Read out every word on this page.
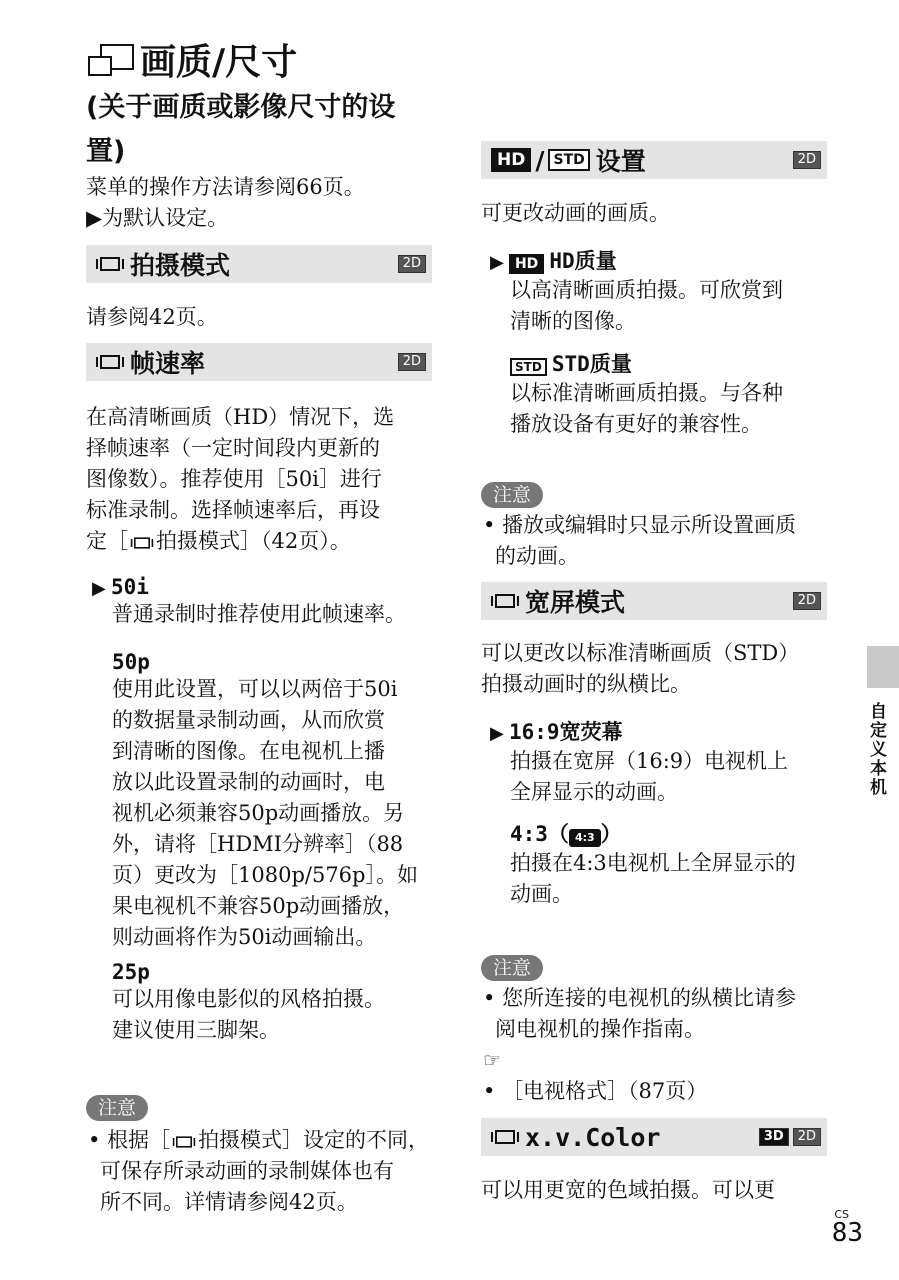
画质/尺寸
(关于画质或影像尺寸的设置)
菜单的操作方法请参阅66页。
▶为默认设定。
拍摄模式	2D
请参阅42页。
帧速率	2D
在高清晰画质（HD）情况下，选
择帧速率（一定时间段内更新的
图像数）。推荐使用［50i］进行
标准录制。选择帧速率后，再设
定［ 拍摄模式］（42页）。
▶ 50i
普通录制时推荐使用此帧速率。
50p
使用此设置，可以以两倍于50i
的数据量录制动画，从而欣赏
到清晰的图像。在电视机上播
放以此设置录制的动画时，电
视机必须兼容50p动画播放。另
外，请将［HDMI分辨率］（88
页）更改为［1080p/576p］。如
果电视机不兼容50p动画播放，
则动画将作为50i动画输出。
25p
可以用像电影似的风格拍摄。
建议使用三脚架。
注意
• 根据［ 拍摄模式］设定的不同，
可保存所录动画的录制媒体也有
所不同。详情请参阅42页。
HD / STD 设置	2D
可更改动画的画质。
▶ HD HD质量
以高清晰画质拍摄。可欣赏到
清晰的图像。
STD STD质量
以标准清晰画质拍摄。与各种
播放设备有更好的兼容性。
注意
• 播放或编辑时只显示所设置画质
的动画。
宽屏模式	2D
可以更改以标准清晰画质（STD）
拍摄动画时的纵横比。
▶ 16:9宽荧幕
拍摄在宽屏（16:9）电视机上
全屏显示的动画。
4:3（ 4:3 ）
拍摄在4:3电视机上全屏显示的
动画。
注意
• 您所连接的电视机的纵横比请参
阅电视机的操作指南。
☞
• ［电视格式］（87页）
x.v.Color	3D	2D
可以用更宽的色域拍摄。可以更
自定义本机
CS
83
